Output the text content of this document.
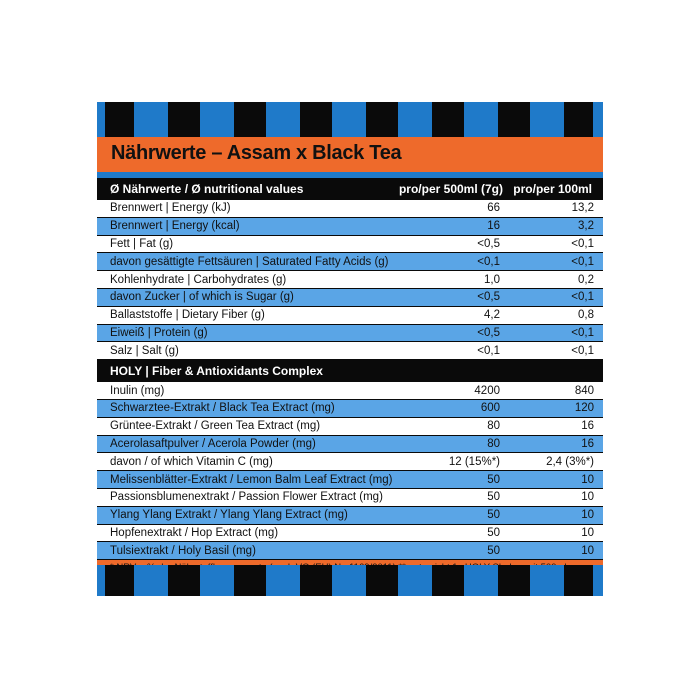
Nährwerte – Assam x Black Tea
Ø Nährwerte / Ø nutritional values	pro/per 500ml (7g) pro/per 100ml
Brennwert | Energy (kJ)	66	13,2
Brennwert | Energy (kcal)	16	3,2
Fett | Fat (g)	<0,5	<0,1
davon gesättigte Fettsäuren | Saturated Fatty Acids (g)	<0,1	<0,1
Kohlenhydrate | Carbohydrates (g)	1,0	0,2
davon Zucker | of which is Sugar (g)	<0,5	<0,1
Ballaststoffe | Dietary Fiber (g)	4,2	0,8
Eiweiß | Protein (g)	<0,5	<0,1
Salz | Salt (g)	<0,1	<0,1
HOLY | Fiber & Antioxidants Complex
Inulin (mg)	4200	840
Schwarztee-Extrakt / Black Tea Extract (mg)	600	120
Grüntee-Extrakt / Green Tea Extract (mg)	80	16
Acerolasaftpulver / Acerola Powder (mg)	80	16
davon / of which Vitamin C (mg)	12 (15%*)	2,4 (3%*)
Melissenblätter-Extrakt / Lemon Balm Leaf Extract (mg)	50	10
Passionsblumenextrakt / Passion Flower Extract (mg)	50	10
Ylang Ylang Extrakt / Ylang Ylang Extract (mg)	50	10
Hopfenextrakt / Hop Extract (mg)	50	10
Tulsiextrakt / Holy Basil (mg)	50	10
